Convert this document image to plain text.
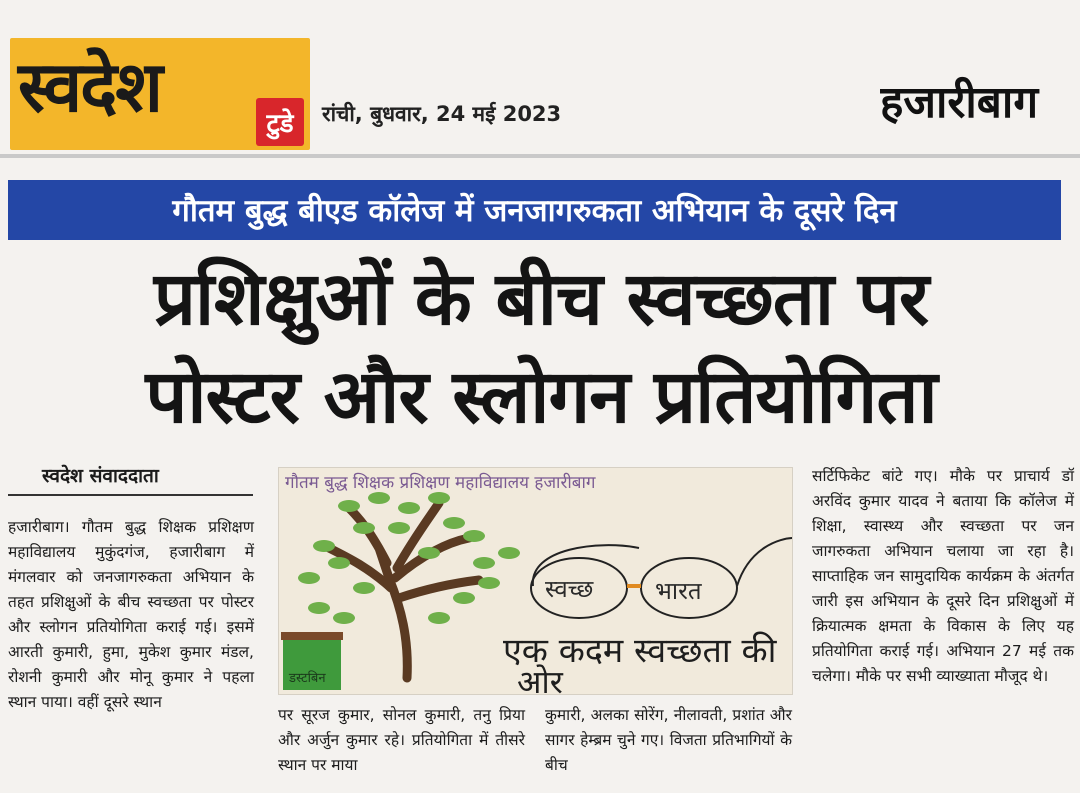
स्वदेश	टुडे	रांची, बुधवार, 24 मई 2023	हजारीबाग
गौतम बुद्ध बीएड कॉलेज में जनजागरुकता अभियान के दूसरे दिन
प्रशिक्षुओं के बीच स्वच्छता पर
पोस्टर और स्लोगन प्रतियोगिता
स्वदेश संवाददाता
हजारीबाग। गौतम बुद्ध शिक्षक प्रशिक्षण महाविद्यालय मुकुंदगंज, हजारीबाग में मंगलवार को जनजागरुकता अभियान के तहत प्रशिक्षुओं के बीच स्वच्छता पर पोस्टर और स्लोगन प्रतियोगिता कराई गई। इसमें आरती कुमारी, हुमा, मुकेश कुमार मंडल, रोशनी कुमारी और मोनू कुमार ने पहला स्थान पाया। वहीं दूसरे स्थान
गौतम बुद्ध शिक्षक प्रशिक्षण महाविद्यालय हजारीबाग
स्वच्छ	भारत
एक कदम स्वच्छता की
ओर
डस्टबिन
पर सूरज कुमार, सोनल कुमारी, तनु प्रिया और अर्जुन कुमार रहे। प्रतियोगिता में तीसरे स्थान पर माया
कुमारी, अलका सोरेंग, नीलावती, प्रशांत और सागर हेम्ब्रम चुने गए। विजता प्रतिभागियों के बीच
सर्टिफिकेट बांटे गए। मौके पर प्राचार्य डॉ अरविंद कुमार यादव ने बताया कि कॉलेज में शिक्षा, स्वास्थ्य और स्वच्छता पर जन जागरुकता अभियान चलाया जा रहा है। साप्ताहिक जन सामुदायिक कार्यक्रम के अंतर्गत जारी इस अभियान के दूसरे दिन प्रशिक्षुओं में क्रियात्मक क्षमता के विकास के लिए यह प्रतियोगिता कराई गई। अभियान 27 मई तक चलेगा। मौके पर सभी व्याख्याता मौजूद थे।
